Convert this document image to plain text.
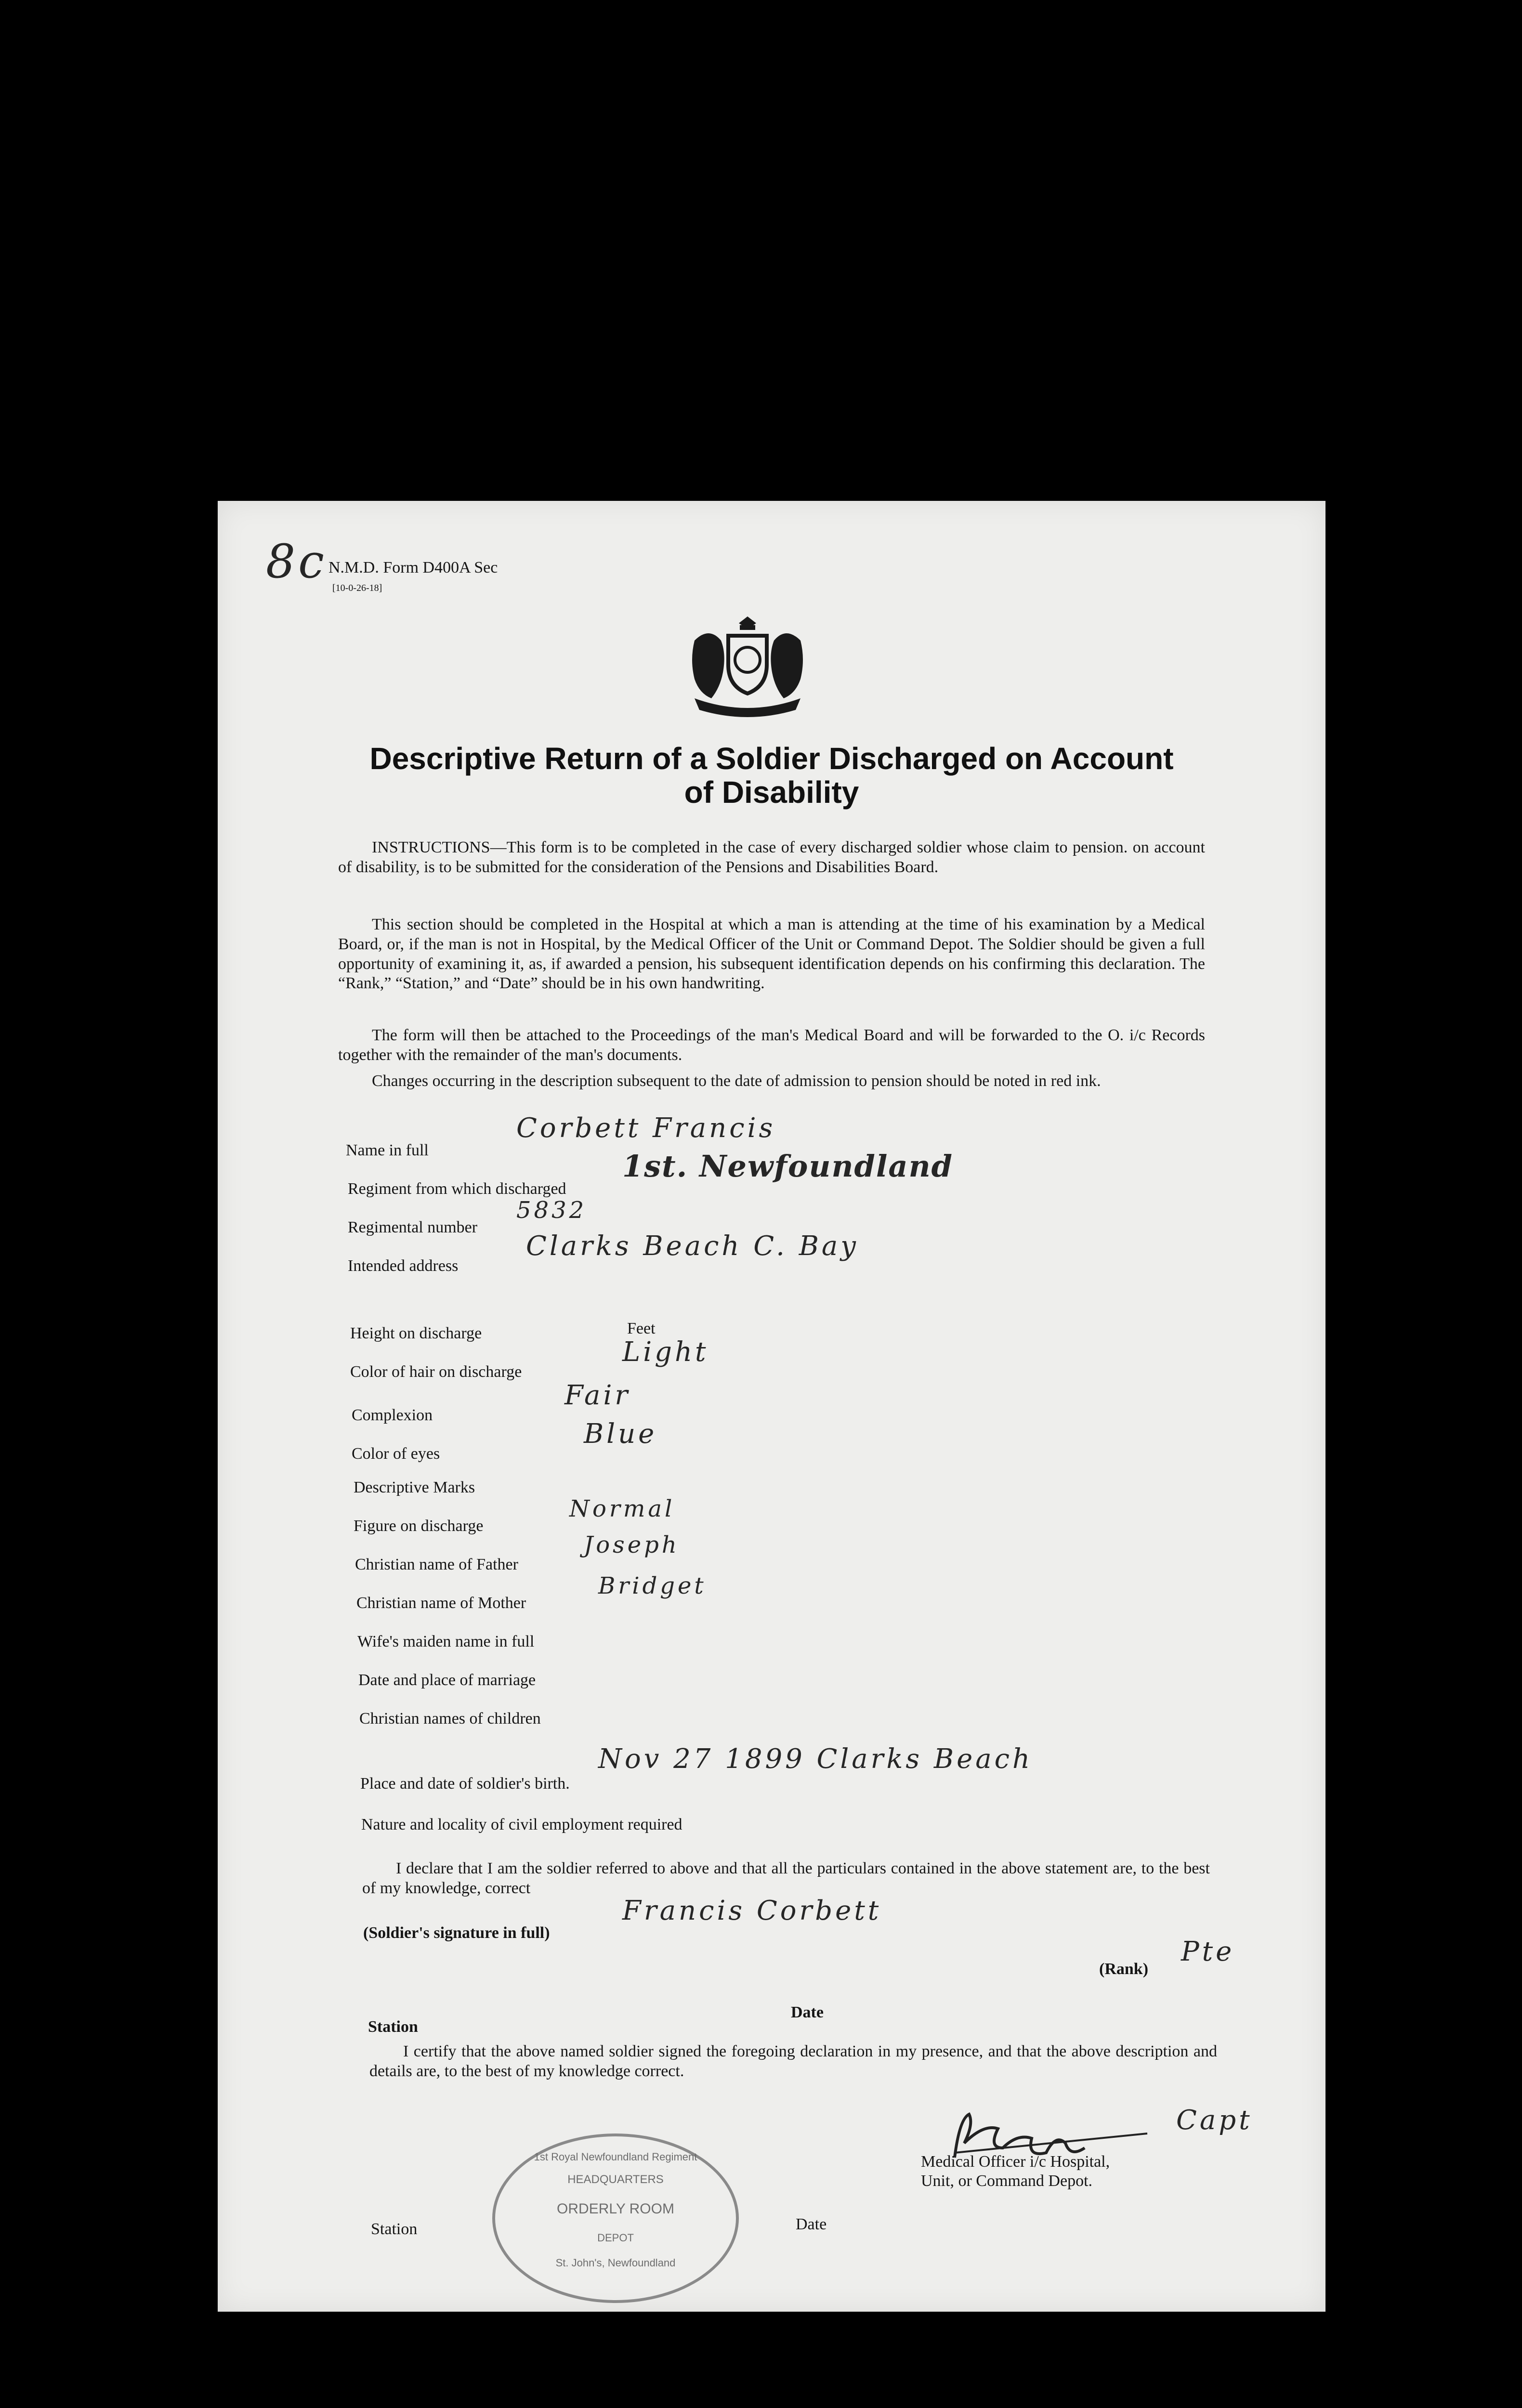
8c N.M.D. Form D400A Sec
[10-0-26-18]
Descriptive Return of a Soldier Discharged on Account
of Disability
INSTRUCTIONS—This form is to be completed in the case of every discharged soldier whose claim to pension. on account of disability, is to be submitted for the consideration of the Pensions and Disabilities Board.
This section should be completed in the Hospital at which a man is attending at the time of his examination by a Medical Board, or, if the man is not in Hospital, by the Medical Officer of the Unit or Command Depot. The Soldier should be given a full opportunity of examining it, as, if awarded a pension, his subsequent identification depends on his confirming this declaration. The “Rank,” “Station,” and “Date” should be in his own handwriting.
The form will then be attached to the Proceedings of the man's Medical Board and will be forwarded to the O. i/c Records together with the remainder of the man's documents.
Changes occurring in the description subsequent to the date of admission to pension should be noted in red ink.
Name in full
Corbett Francis
Regiment from which discharged
1st. Newfoundland
Regimental number
5832
Intended address
Clarks Beach C. Bay
Height on discharge	Feet
Color of hair on discharge
Light
Complexion
Fair
Color of eyes
Blue
Descriptive Marks
Figure on discharge
Normal
Christian name of Father
Joseph
Christian name of Mother
Bridget
Wife's maiden name in full
Date and place of marriage
Christian names of children
Place and date of soldier's birth.
Nov 27 1899 Clarks Beach
Nature and locality of civil employment required
I declare that I am the soldier referred to above and that all the particulars contained in the above statement are, to the best of my knowledge, correct
(Soldier's signature in full)
Francis Corbett
(Rank)
Pte
Station
Date
I certify that the above named soldier signed the foregoing declaration in my presence, and that the above description and details are, to the best of my knowledge correct.
Capt
Medical Officer i/c Hospital,
Unit, or Command Depot.
Station	Date
1st Royal Newfoundland Regiment
HEADQUARTERS
ORDERLY ROOM
DEPOT
St. John's, Newfoundland
